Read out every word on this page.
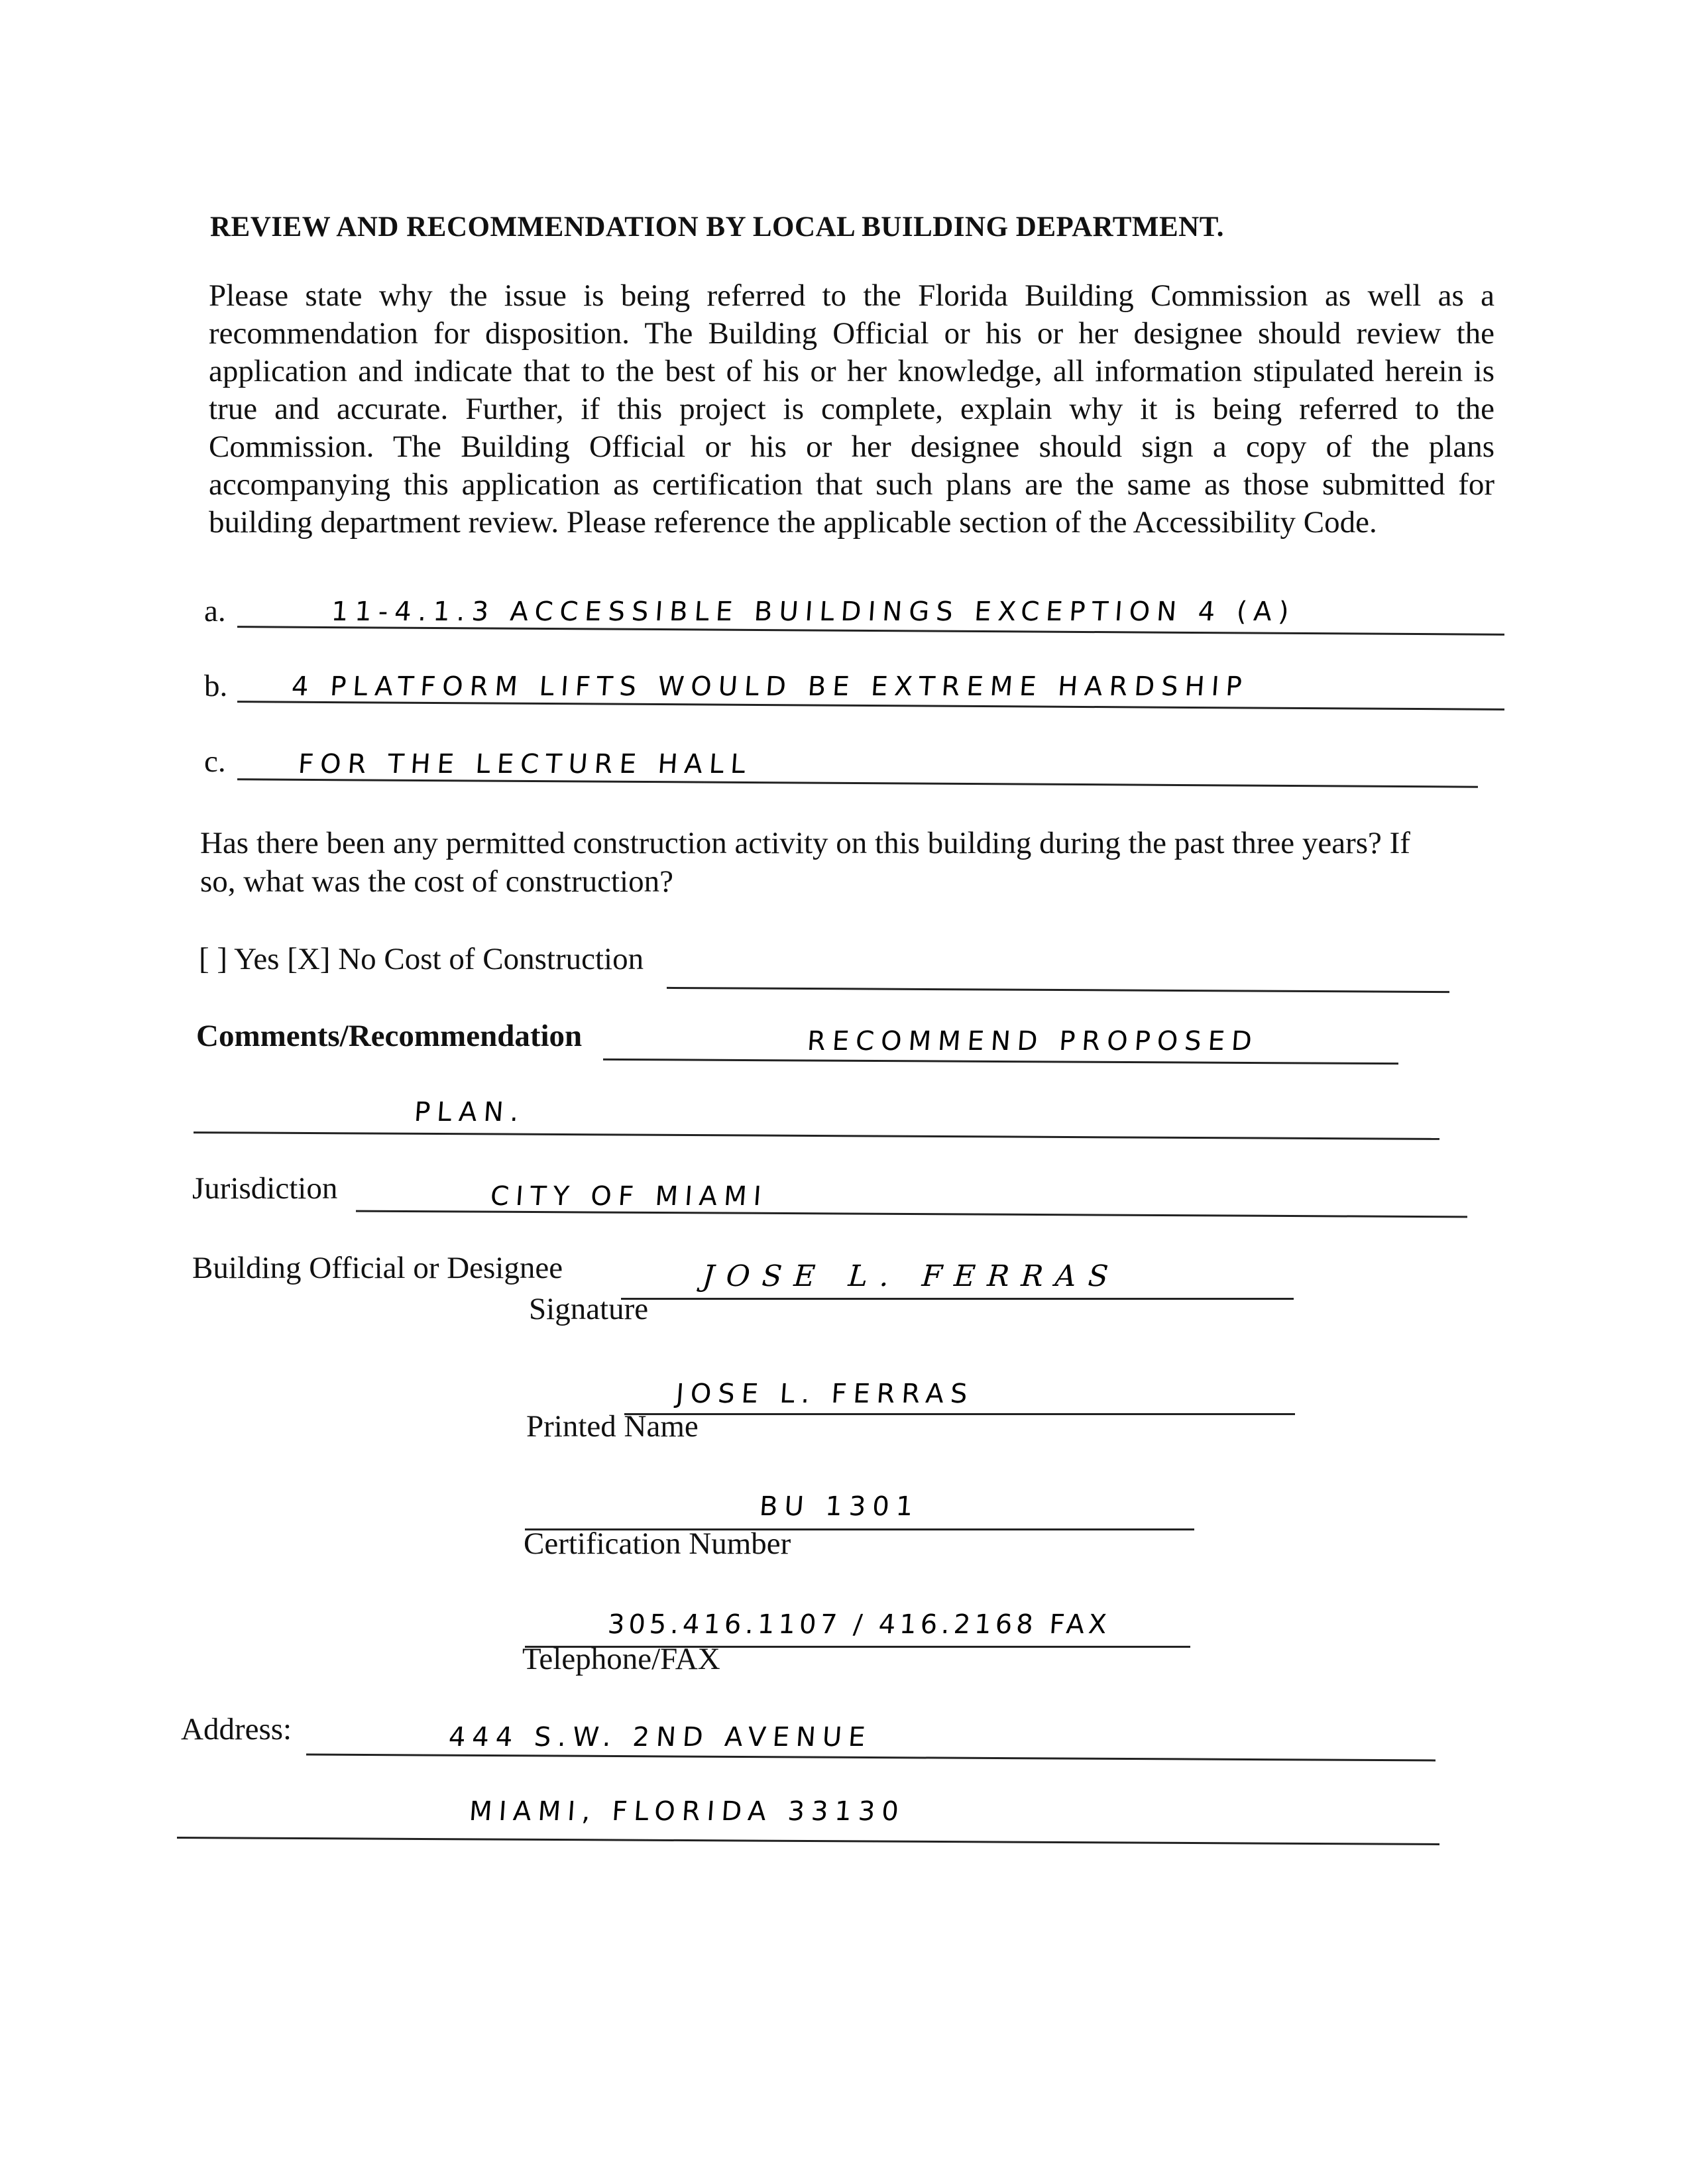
REVIEW AND RECOMMENDATION BY LOCAL BUILDING DEPARTMENT.
Please state why the issue is being referred to the Florida Building Commission as well as a recommendation for disposition. The Building Official or his or her designee should review the application and indicate that to the best of his or her knowledge, all information stipulated herein is true and accurate. Further, if this project is complete, explain why it is being referred to the Commission. The Building Official or his or her designee should sign a copy of the plans accompanying this application as certification that such plans are the same as those submitted for building department review. Please reference the applicable section of the Accessibility Code.
a.	11-4.1.3 ACCESSIBLE BUILDINGS EXCEPTION 4 (A)
b. 4 PLATFORM LIFTS WOULD BE EXTREME HARDSHIP
c.	FOR THE LECTURE HALL
Has there been any permitted construction activity on this building during the past three years? If
so, what was the cost of construction?
[ ] Yes [X] No Cost of Construction
Comments/Recommendation	RECOMMEND PROPOSED
PLAN.
Jurisdiction	CITY OF MIAMI
Building Official or Designee	JOSE L. FERRAS
Signature
JOSE L. FERRAS
Printed Name
BU 1301
Certification Number
305.416.1107 / 416.2168 FAX
Telephone/FAX
Address:	444 S.W. 2ND AVENUE
MIAMI, FLORIDA 33130
